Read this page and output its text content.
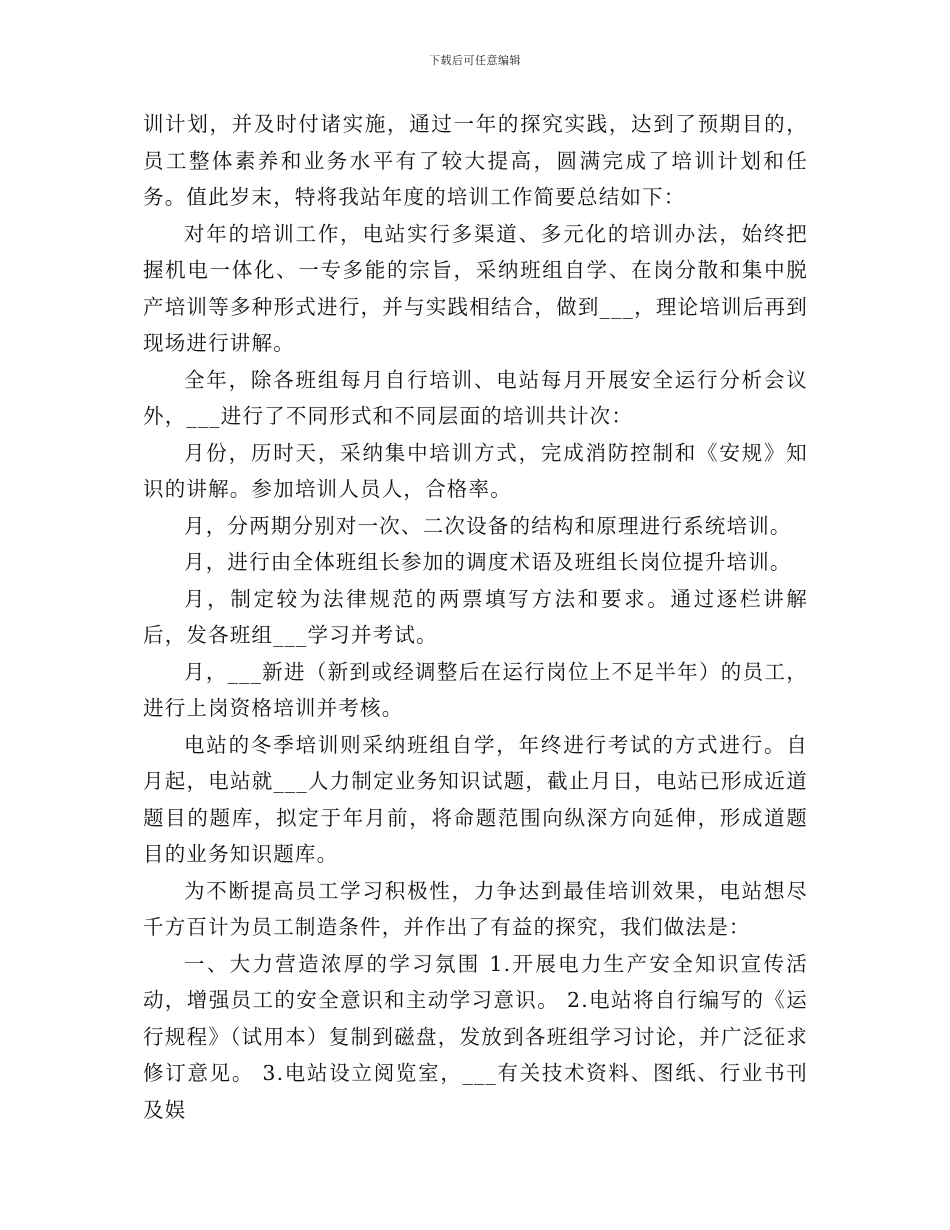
下载后可任意编辑

训计划，并及时付诸实施，通过一年的探究实践，达到了预期目的，员工整体素养和业务水平有了较大提高，圆满完成了培训计划和任务。值此岁末，特将我站年度的培训工作简要总结如下：

对年的培训工作，电站实行多渠道、多元化的培训办法，始终把握机电一体化、一专多能的宗旨，采纳班组自学、在岗分散和集中脱产培训等多种形式进行，并与实践相结合，做到___，理论培训后再到现场进行讲解。

全年，除各班组每月自行培训、电站每月开展安全运行分析会议外，___进行了不同形式和不同层面的培训共计次：

月份，历时天，采纳集中培训方式，完成消防控制和《安规》知识的讲解。参加培训人员人，合格率。

月，分两期分别对一次、二次设备的结构和原理进行系统培训。

月，进行由全体班组长参加的调度术语及班组长岗位提升培训。

月，制定较为法律规范的两票填写方法和要求。通过逐栏讲解后，发各班组___学习并考试。

月，___新进（新到或经调整后在运行岗位上不足半年）的员工，进行上岗资格培训并考核。

电站的冬季培训则采纳班组自学，年终进行考试的方式进行。自月起，电站就___人力制定业务知识试题，截止月日，电站已形成近道题目的题库，拟定于年月前，将命题范围向纵深方向延伸，形成道题目的业务知识题库。

为不断提高员工学习积极性，力争达到最佳培训效果，电站想尽千方百计为员工制造条件，并作出了有益的探究，我们做法是：

一、大力营造浓厚的学习氛围 1.开展电力生产安全知识宣传活动，增强员工的安全意识和主动学习意识。 2.电站将自行编写的《运行规程》（试用本）复制到磁盘，发放到各班组学习讨论，并广泛征求修订意见。 3.电站设立阅览室，___有关技术资料、图纸、行业书刊及娱
